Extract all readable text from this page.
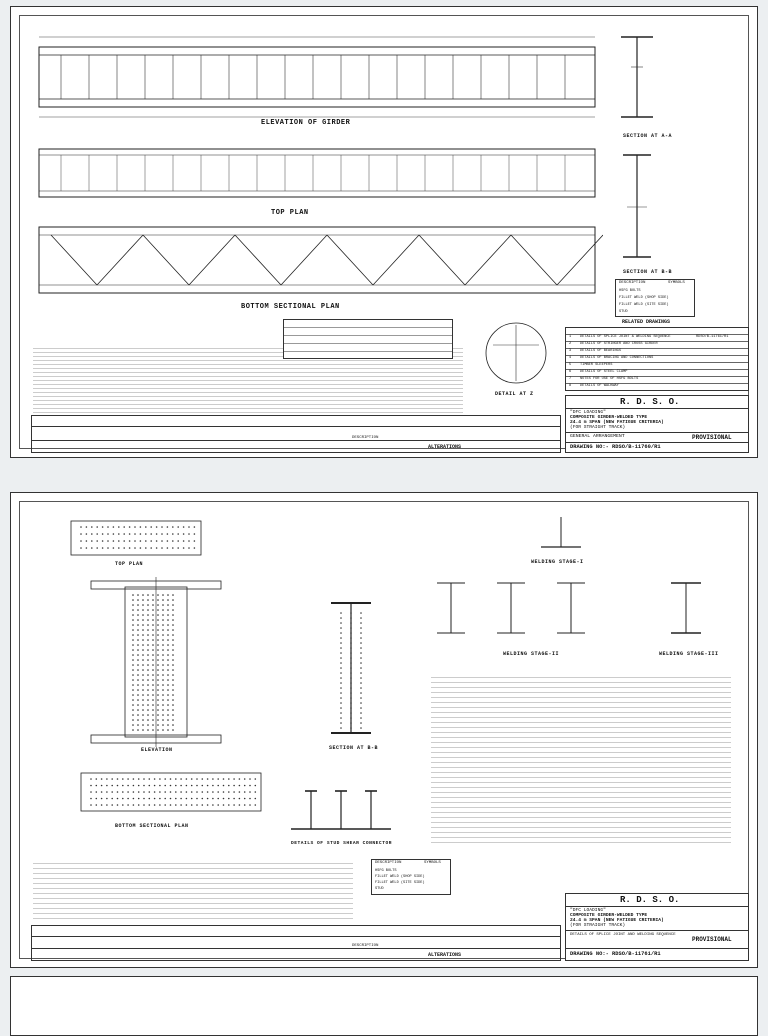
ELEVATION OF GIRDER
TOP PLAN
BOTTOM SECTIONAL PLAN
SECTION AT A-A
SECTION AT B-B
DESCRIPTION	SYMBOLS
HSFG BOLTS
FILLET WELD (SHOP SIDE)
FILLET WELD (SITE SIDE)
STUD
DETAIL AT Z
RELATED DRAWINGS
1 DETAILS OF SPLICE JOINT & WELDING SEQUENCE	RDSO/B-11761/R1
2 DETAILS OF STRINGER AND CROSS GIRDER
3 DETAILS OF BEARINGS
4 DETAILS OF BRACING AND CONNECTIONS
5 TIMBER SLEEPERS
6 DETAILS OF STEEL CLAMP
7 NOTES FOR USE OF HSFG BOLTS
8 DETAILS OF WALKWAY
R. D. S. O.
"DFC LOADING"
COMPOSITE GIRDER-WELDED TYPE
24.4 m SPAN (NEW FATIGUE CRITERIA)
(FOR STRAIGHT TRACK)
GENERAL ARRANGEMENT	PROVISIONAL
DRAWING NO:- RDSO/B-11760/R1
ALTERATIONS
DESCRIPTION
TOP PLAN
ELEVATION	SECTION AT B-B
BOTTOM SECTIONAL PLAN
DETAILS OF STUD SHEAR CONNECTOR
WELDING STAGE-I
WELDING STAGE-II	WELDING STAGE-III
DESCRIPTION	SYMBOLS
HSFG BOLTS
FILLET WELD (SHOP SIDE)
FILLET WELD (SITE SIDE)
STUD
R. D. S. O.
"DFC LOADING"
COMPOSITE GIRDER-WELDED TYPE
24.4 m SPAN (NEW FATIGUE CRITERIA)
(FOR STRAIGHT TRACK)
DETAILS OF SPLICE JOINT AND WELDING SEQUENCE
PROVISIONAL
DRAWING NO:- RDSO/B-11761/R1
ALTERATIONS
DESCRIPTION
